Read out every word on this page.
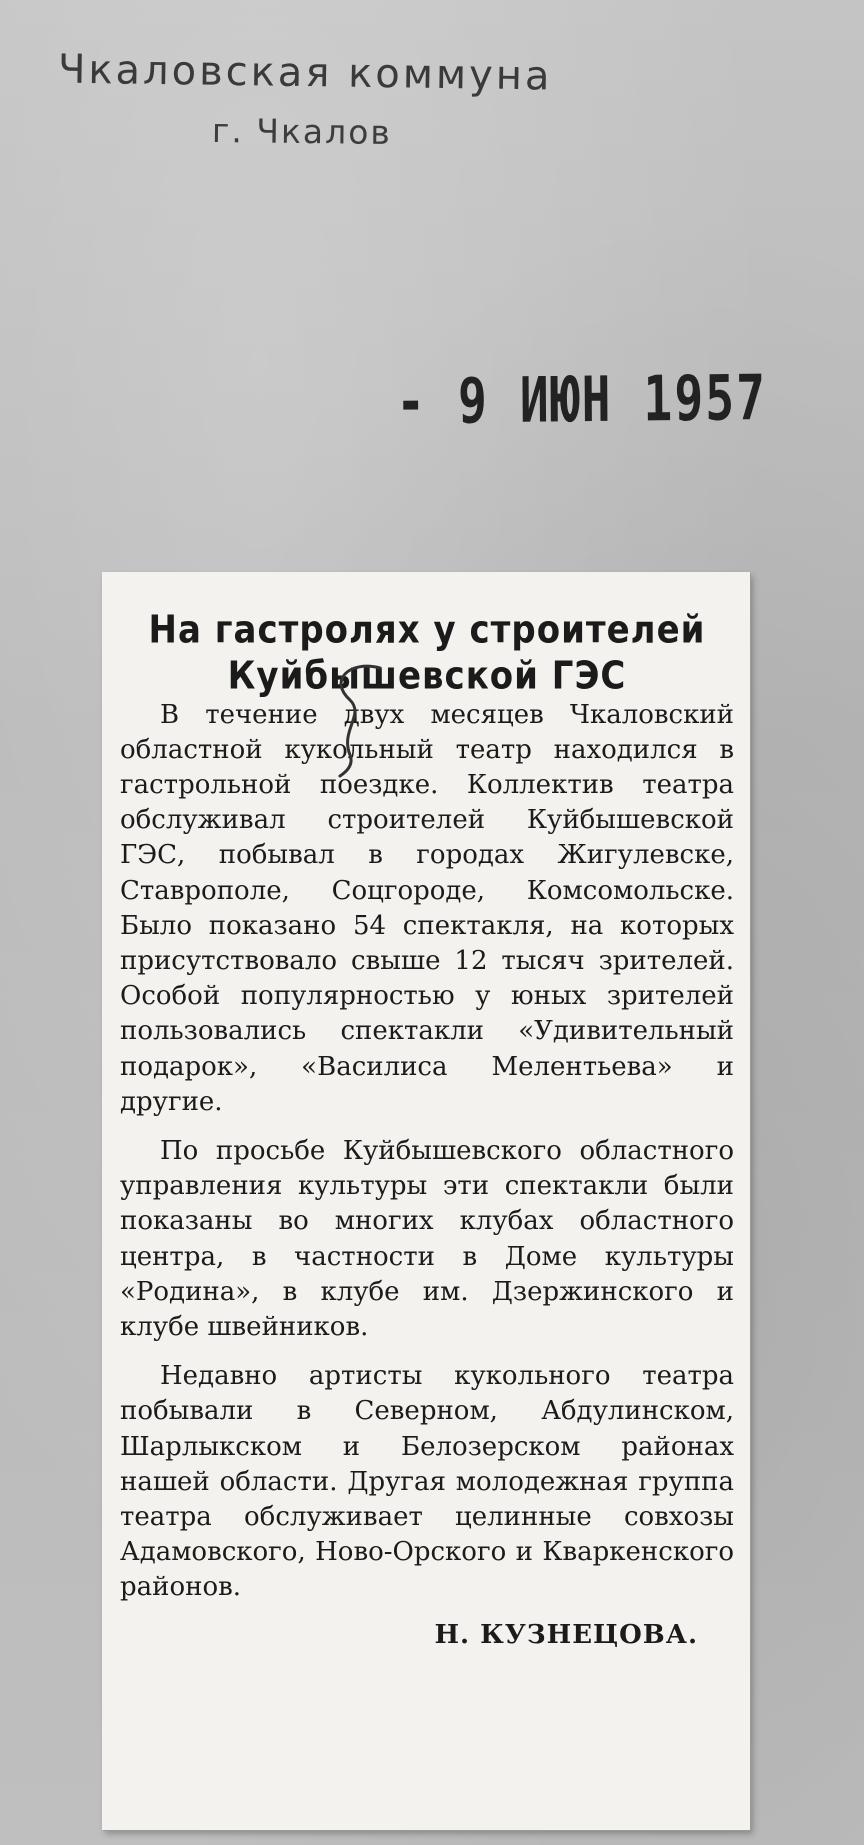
Чкаловская коммуна
г. Чкалов
- 9 ИЮН 1957
На гастролях у строителей
Куйбышевской ГЭС

В течение двух месяцев Чкаловский областной кукольный театр находился в гастрольной поездке. Коллектив театра обслуживал строителей Куйбышевской ГЭС, побывал в городах Жигулевске, Ставрополе, Соцгороде, Комсомольске. Было показано 54 спектакля, на которых присутствовало свыше 12 тысяч зрителей. Особой популярностью у юных зрителей пользовались спектакли «Удивительный подарок», «Василиса Мелентьева» и другие.

По просьбе Куйбышевского областного управления культуры эти спектакли были показаны во многих клубах областного центра, в частности в Доме культуры «Родина», в клубе им. Дзержинского и клубе швейников.

Недавно артисты кукольного театра побывали в Северном, Абдулинском, Шарлыкском и Белозерском районах нашей области. Другая молодежная группа театра обслуживает целинные совхозы Адамовского, Ново-Орского и Кваркенского районов.

Н. КУЗНЕЦОВА.
